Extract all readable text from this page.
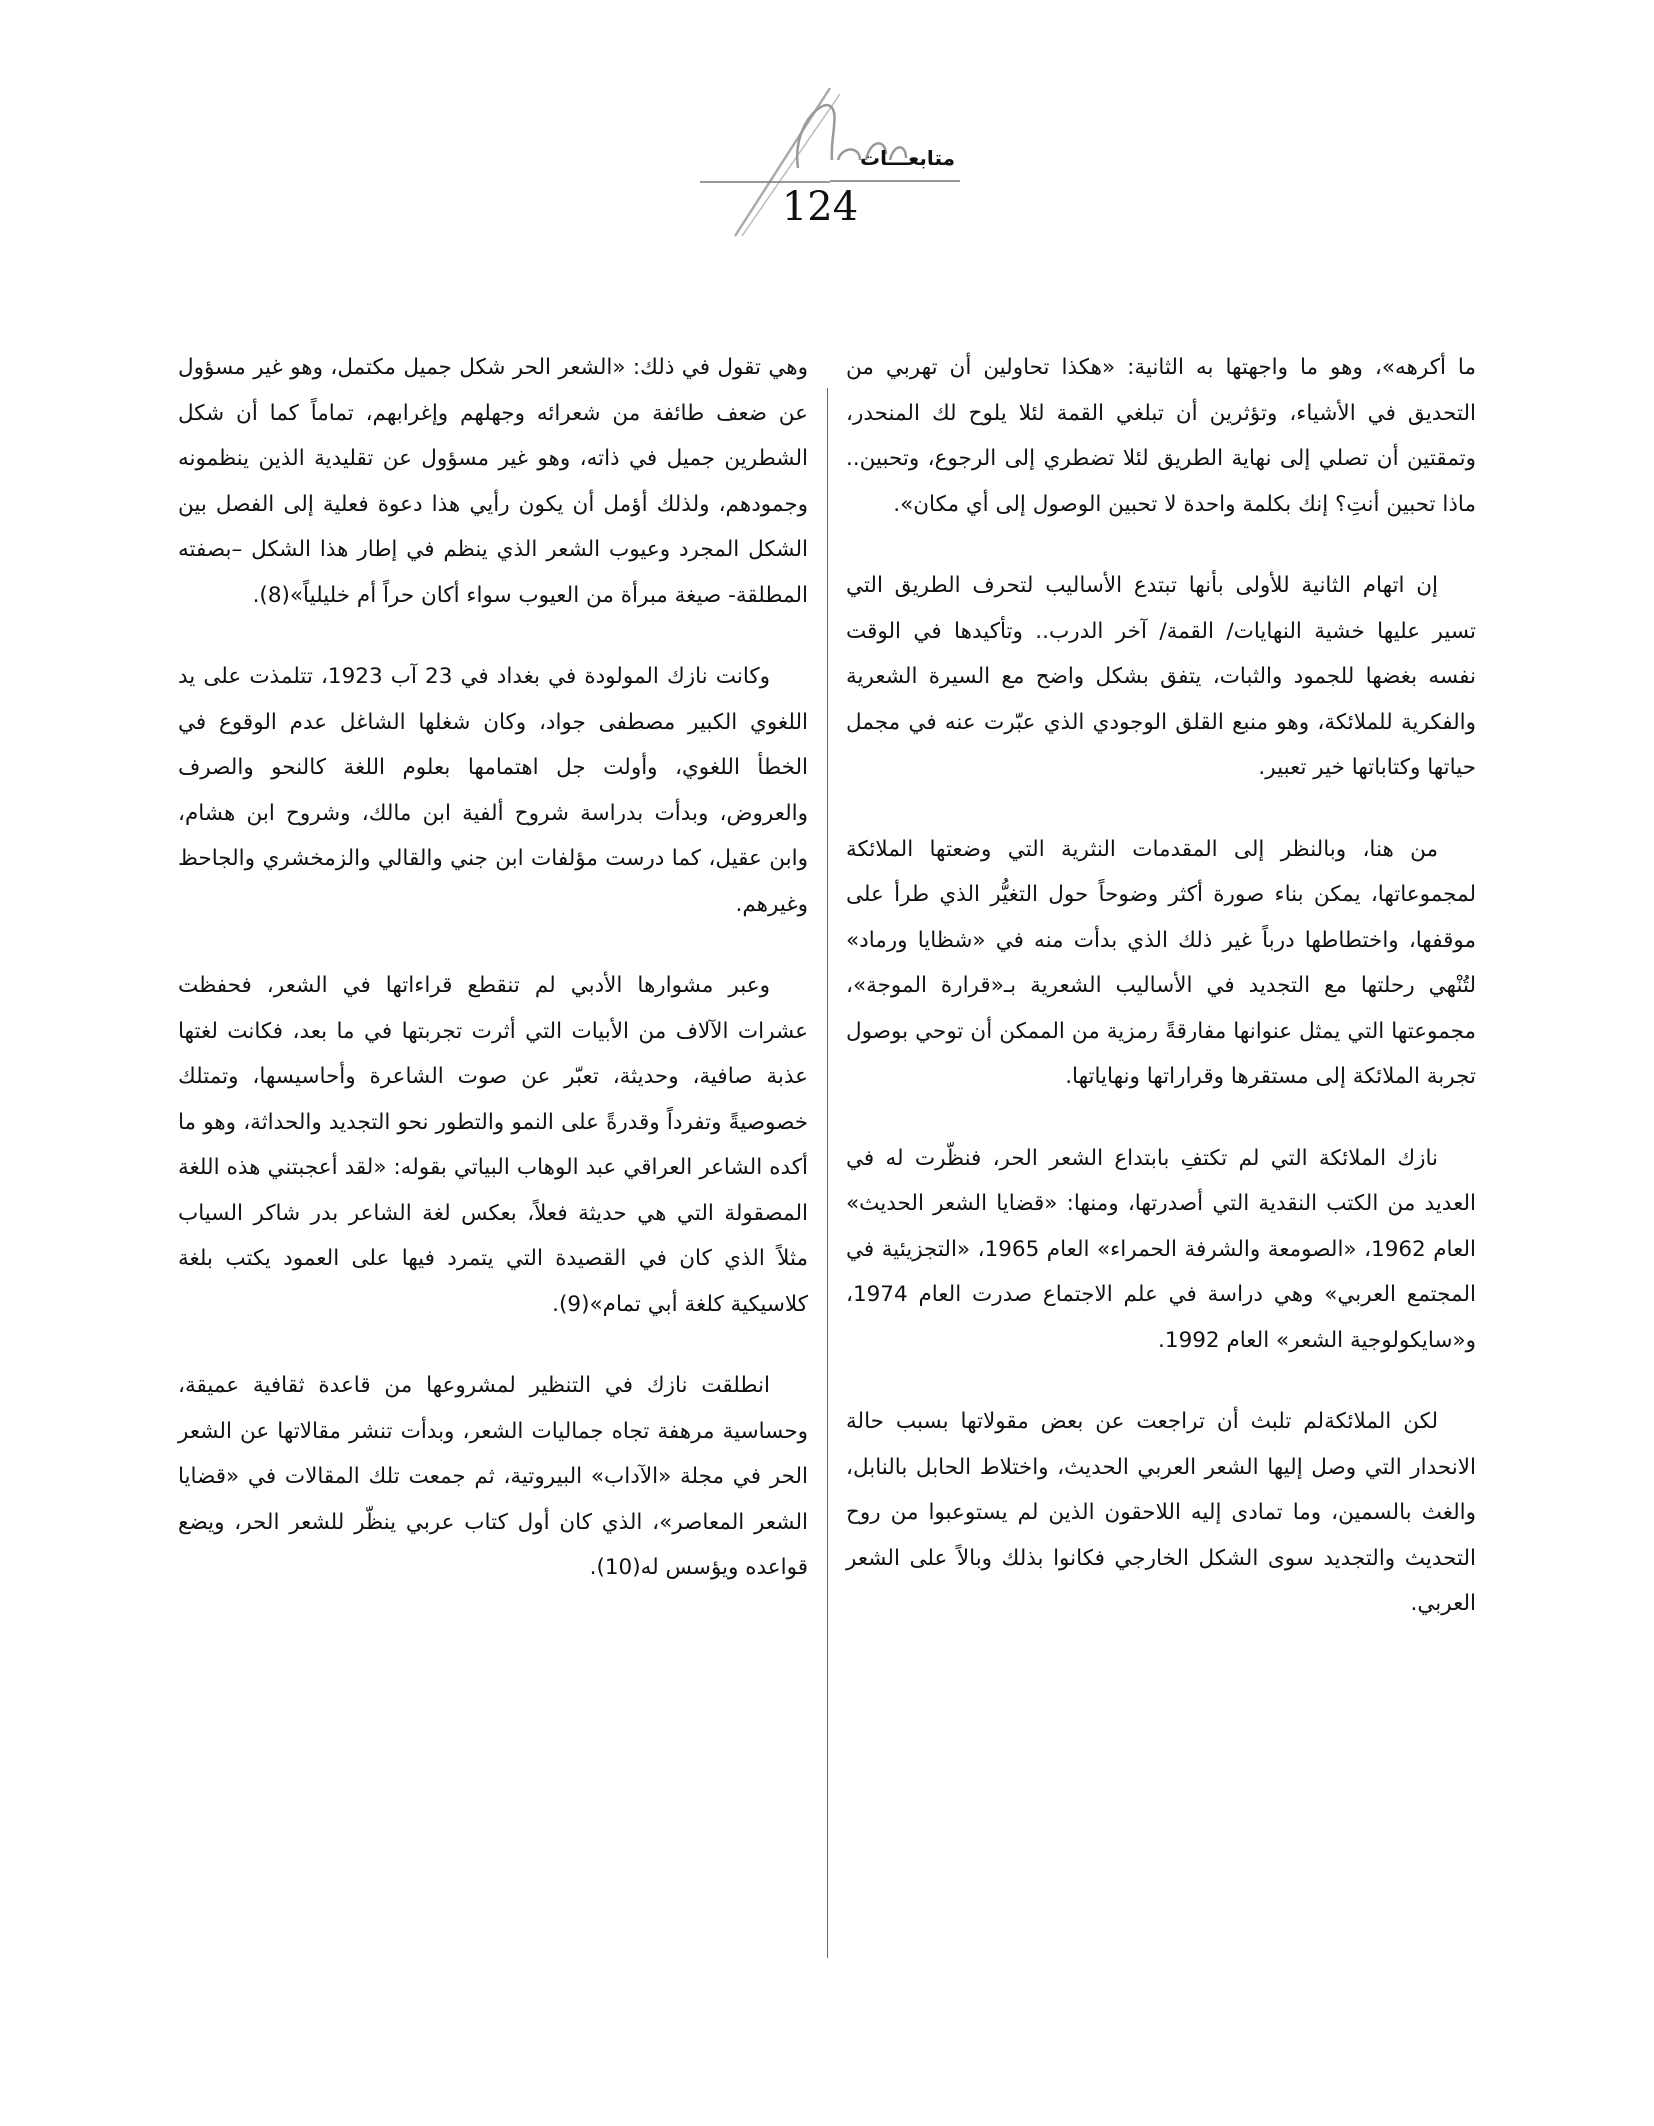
متابعـــات
124

ما أكرهه»، وهو ما واجهتها به الثانية: «هكذا تحاولين أن تهربي من التحديق في الأشياء، وتؤثرين أن تبلغي القمة لئلا يلوح لك المنحدر، وتمقتين أن تصلي إلى نهاية الطريق لئلا تضطري إلى الرجوع، وتحبين.. ماذا تحبين أنتِ؟ إنك بكلمة واحدة لا تحبين الوصول إلى أي مكان».

إن اتهام الثانية للأولى بأنها تبتدع الأساليب لتحرف الطريق التي تسير عليها خشية النهايات/ القمة/ آخر الدرب.. وتأكيدها في الوقت نفسه بغضها للجمود والثبات، يتفق بشكل واضح مع السيرة الشعرية والفكرية للملائكة، وهو منبع القلق الوجودي الذي عبّرت عنه في مجمل حياتها وكتاباتها خير تعبير.

من هنا، وبالنظر إلى المقدمات النثرية التي وضعتها الملائكة لمجموعاتها، يمكن بناء صورة أكثر وضوحاً حول التغيُّر الذي طرأ على موقفها، واختطاطها درباً غير ذلك الذي بدأت منه في «شظايا ورماد» لتُنْهي رحلتها مع التجديد في الأساليب الشعرية بـ«قرارة الموجة»، مجموعتها التي يمثل عنوانها مفارقةً رمزية من الممكن أن توحي بوصول تجربة الملائكة إلى مستقرها وقراراتها ونهاياتها.

نازك الملائكة التي لم تكتفِ بابتداع الشعر الحر، فنظّرت له في العديد من الكتب النقدية التي أصدرتها، ومنها: «قضايا الشعر الحديث» العام 1962، «الصومعة والشرفة الحمراء» العام 1965، «التجزيئية في المجتمع العربي» وهي دراسة في علم الاجتماع صدرت العام 1974، و«سايكولوجية الشعر» العام 1992.

لكن الملائكةلم تلبث أن تراجعت عن بعض مقولاتها بسبب حالة الانحدار التي وصل إليها الشعر العربي الحديث، واختلاط الحابل بالنابل، والغث بالسمين، وما تمادى إليه اللاحقون الذين لم يستوعبوا من روح التحديث والتجديد سوى الشكل الخارجي فكانوا بذلك وبالاً على الشعر العربي.

وهي تقول في ذلك: «الشعر الحر شكل جميل مكتمل، وهو غير مسؤول عن ضعف طائفة من شعرائه وجهلهم وإغرابهم، تماماً كما أن شكل الشطرين جميل في ذاته، وهو غير مسؤول عن تقليدية الذين ينظمونه وجمودهم، ولذلك أؤمل أن يكون رأيي هذا دعوة فعلية إلى الفصل بين الشكل المجرد وعيوب الشعر الذي ينظم في إطار هذا الشكل –بصفته المطلقة- صيغة مبرأة من العيوب سواء أكان حراً أم خليلياً»(8).

وكانت نازك المولودة في بغداد في 23 آب 1923، تتلمذت على يد اللغوي الكبير مصطفى جواد، وكان شغلها الشاغل عدم الوقوع في الخطأ اللغوي، وأولت جل اهتمامها بعلوم اللغة كالنحو والصرف والعروض، وبدأت بدراسة شروح ألفية ابن مالك، وشروح ابن هشام، وابن عقيل، كما درست مؤلفات ابن جني والقالي والزمخشري والجاحظ وغيرهم.

وعبر مشوارها الأدبي لم تنقطع قراءاتها في الشعر، فحفظت عشرات الآلاف من الأبيات التي أثرت تجربتها في ما بعد، فكانت لغتها عذبة صافية، وحديثة، تعبّر عن صوت الشاعرة وأحاسيسها، وتمتلك خصوصيةً وتفرداً وقدرةً على النمو والتطور نحو التجديد والحداثة، وهو ما أكده الشاعر العراقي عبد الوهاب البياتي بقوله: «لقد أعجبتني هذه اللغة المصقولة التي هي حديثة فعلاً، بعكس لغة الشاعر بدر شاكر السياب مثلاً الذي كان في القصيدة التي يتمرد فيها على العمود يكتب بلغة كلاسيكية كلغة أبي تمام»(9).

انطلقت نازك في التنظير لمشروعها من قاعدة ثقافية عميقة، وحساسية مرهفة تجاه جماليات الشعر، وبدأت تنشر مقالاتها عن الشعر الحر في مجلة «الآداب» البيروتية، ثم جمعت تلك المقالات في «قضايا الشعر المعاصر»، الذي كان أول كتاب عربي ينظّر للشعر الحر، ويضع قواعده ويؤسس له(10).
